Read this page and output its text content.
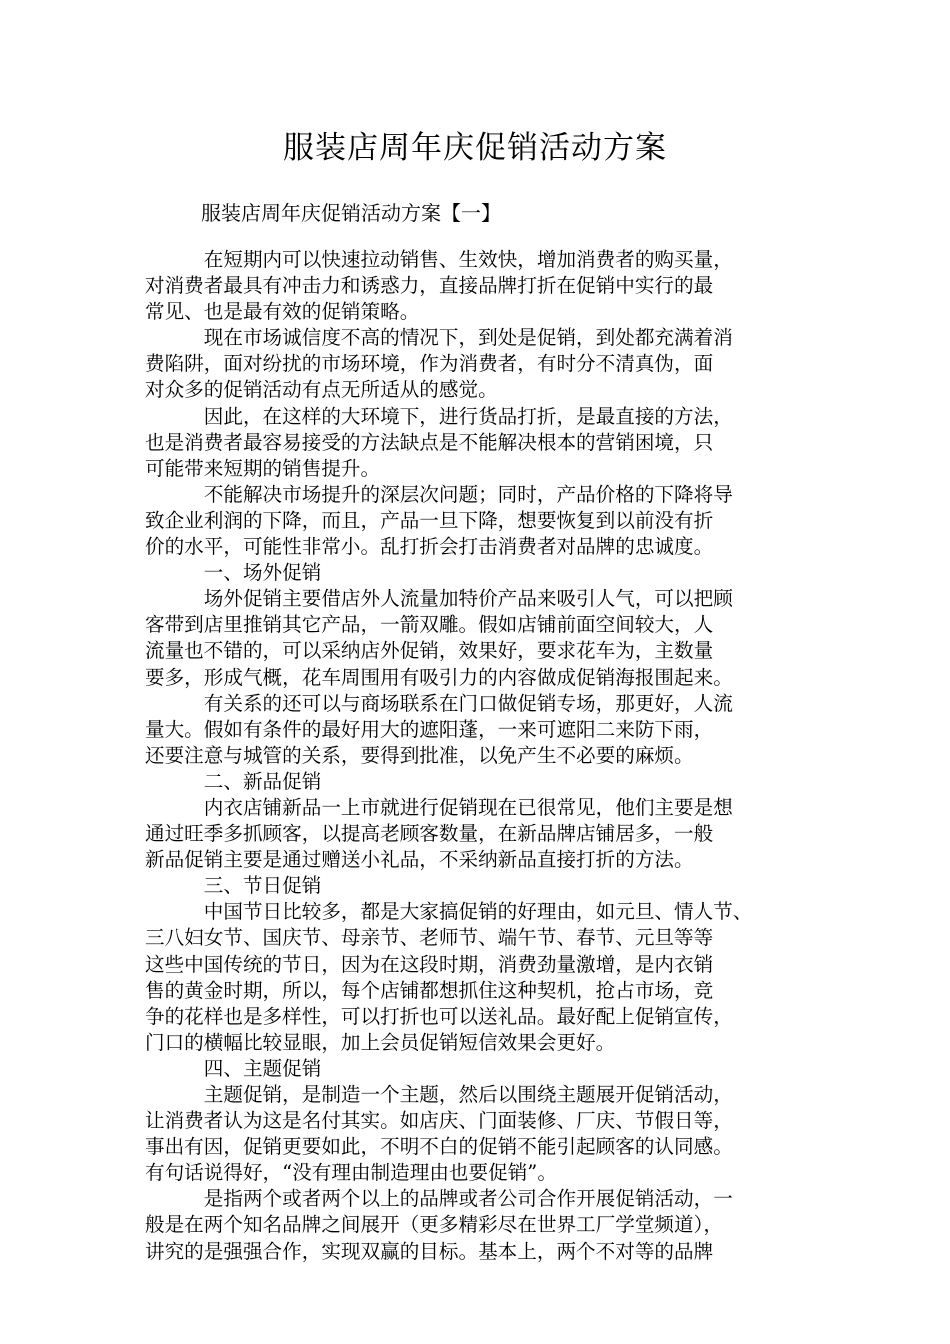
服装店周年庆促销活动方案
服装店周年庆促销活动方案【一】
　　　在短期内可以快速拉动销售、生效快，增加消费者的购买量，
对消费者最具有冲击力和诱惑力，直接品牌打折在促销中实行的最
常见、也是最有效的促销策略。
　　　现在市场诚信度不高的情况下，到处是促销，到处都充满着消
费陷阱，面对纷扰的市场环境，作为消费者，有时分不清真伪，面
对众多的促销活动有点无所适从的感觉。
　　　因此，在这样的大环境下，进行货品打折，是最直接的方法，
也是消费者最容易接受的方法缺点是不能解决根本的营销困境，只
可能带来短期的销售提升。
　　　不能解决市场提升的深层次问题；同时，产品价格的下降将导
致企业利润的下降，而且，产品一旦下降，想要恢复到以前没有折
价的水平，可能性非常小。乱打折会打击消费者对品牌的忠诚度。
　　　一、场外促销
　　　场外促销主要借店外人流量加特价产品来吸引人气，可以把顾
客带到店里推销其它产品，一箭双雕。假如店铺前面空间较大，人
流量也不错的，可以采纳店外促销，效果好，要求花车为，主数量
要多，形成气概，花车周围用有吸引力的内容做成促销海报围起来。
　　　有关系的还可以与商场联系在门口做促销专场，那更好，人流
量大。假如有条件的最好用大的遮阳蓬，一来可遮阳二来防下雨，
还要注意与城管的关系，要得到批准，以免产生不必要的麻烦。
　　　二、新品促销
　　　内衣店铺新品一上市就进行促销现在已很常见，他们主要是想
通过旺季多抓顾客，以提高老顾客数量，在新品牌店铺居多，一般
新品促销主要是通过赠送小礼品，不采纳新品直接打折的方法。
　　　三、节日促销
　　　中国节日比较多，都是大家搞促销的好理由，如元旦、情人节、
三八妇女节、国庆节、母亲节、老师节、端午节、春节、元旦等等
这些中国传统的节日，因为在这段时期，消费劲量激增，是内衣销
售的黄金时期，所以，每个店铺都想抓住这种契机，抢占市场，竞
争的花样也是多样性，可以打折也可以送礼品。最好配上促销宣传，
门口的横幅比较显眼，加上会员促销短信效果会更好。
　　　四、主题促销
　　　主题促销，是制造一个主题，然后以围绕主题展开促销活动，
让消费者认为这是名付其实。如店庆、门面装修、厂庆、节假日等，
事出有因，促销更要如此，不明不白的促销不能引起顾客的认同感。
有句话说得好，“没有理由制造理由也要促销”。
　　　是指两个或者两个以上的品牌或者公司合作开展促销活动，一
般是在两个知名品牌之间展开（更多精彩尽在世界工厂学堂频道），
讲究的是强强合作，实现双赢的目标。基本上，两个不对等的品牌
